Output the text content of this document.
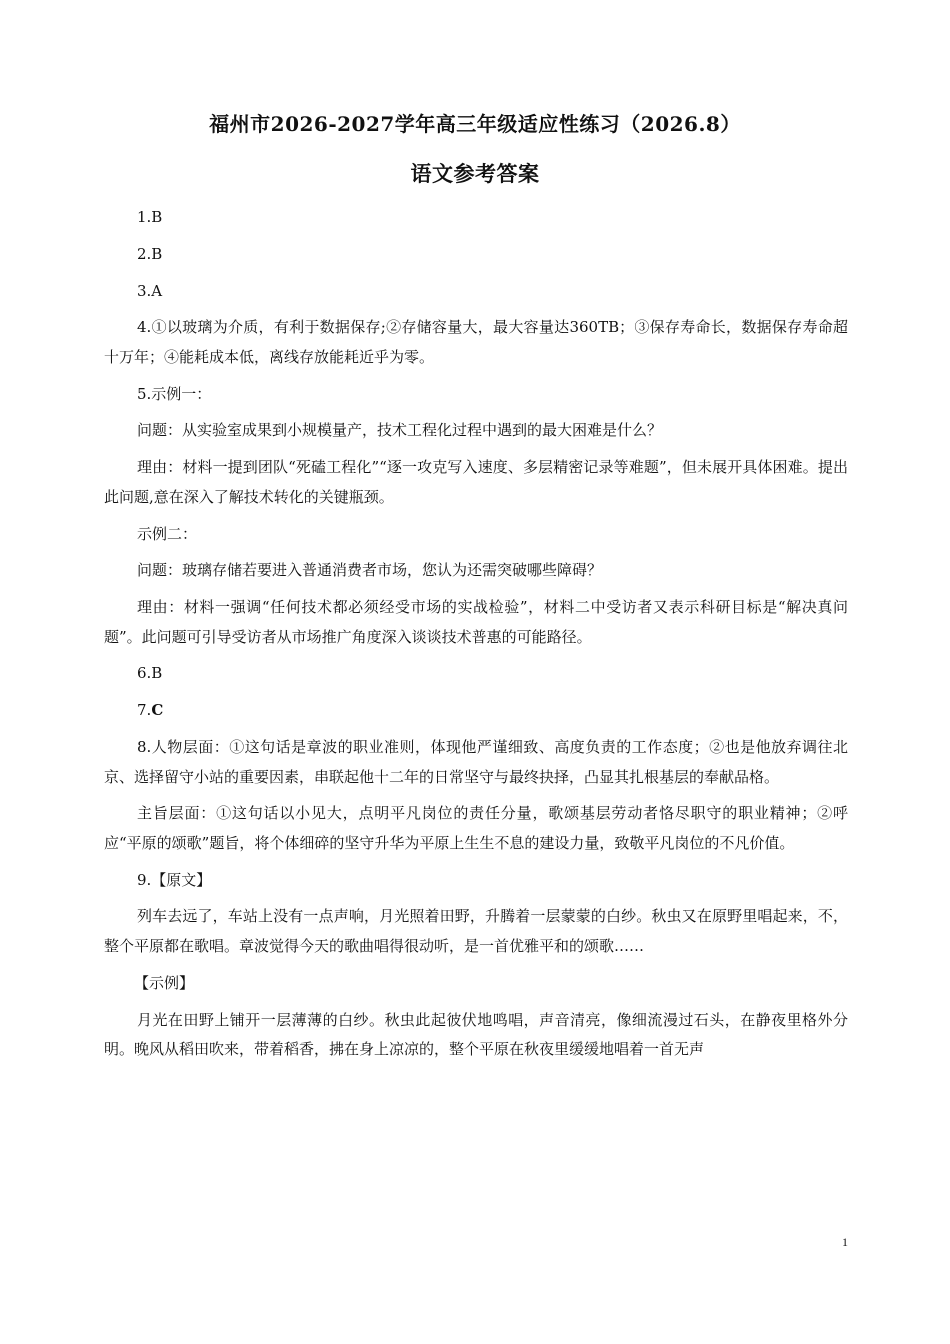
福州市2026-2027学年高三年级适应性练习（2026.8）
语文参考答案

1.B

2.B

3.A

4.①以玻璃为介质，有利于数据保存;②存储容量大，最大容量达360TB；③保存寿命长，数据保存寿命超十万年；④能耗成本低，离线存放能耗近乎为零。

5.示例一：

问题：从实验室成果到小规模量产，技术工程化过程中遇到的最大困难是什么？

理由：材料一提到团队“死磕工程化”“逐一攻克写入速度、多层精密记录等难题”，但未展开具体困难。提出此问题,意在深入了解技术转化的关键瓶颈。

示例二：

问题：玻璃存储若要进入普通消费者市场，您认为还需突破哪些障碍？

理由：材料一强调“任何技术都必须经受市场的实战检验”，材料二中受访者又表示科研目标是“解决真问题”。此问题可引导受访者从市场推广角度深入谈谈技术普惠的可能路径。

6.B

7.C

8.人物层面：①这句话是章波的职业准则，体现他严谨细致、高度负责的工作态度；②也是他放弃调往北京、选择留守小站的重要因素，串联起他十二年的日常坚守与最终抉择，凸显其扎根基层的奉献品格。

主旨层面：①这句话以小见大，点明平凡岗位的责任分量，歌颂基层劳动者恪尽职守的职业精神；②呼应“平原的颂歌”题旨，将个体细碎的坚守升华为平原上生生不息的建设力量，致敬平凡岗位的不凡价值。

9.【原文】

列车去远了，车站上没有一点声响，月光照着田野，升腾着一层蒙蒙的白纱。秋虫又在原野里唱起来，不，整个平原都在歌唱。章波觉得今天的歌曲唱得很动听，是一首优雅平和的颂歌……

【示例】

月光在田野上铺开一层薄薄的白纱。秋虫此起彼伏地鸣唱，声音清亮，像细流漫过石头，在静夜里格外分明。晚风从稻田吹来，带着稻香，拂在身上凉凉的，整个平原在秋夜里缓缓地唱着一首无声

1
